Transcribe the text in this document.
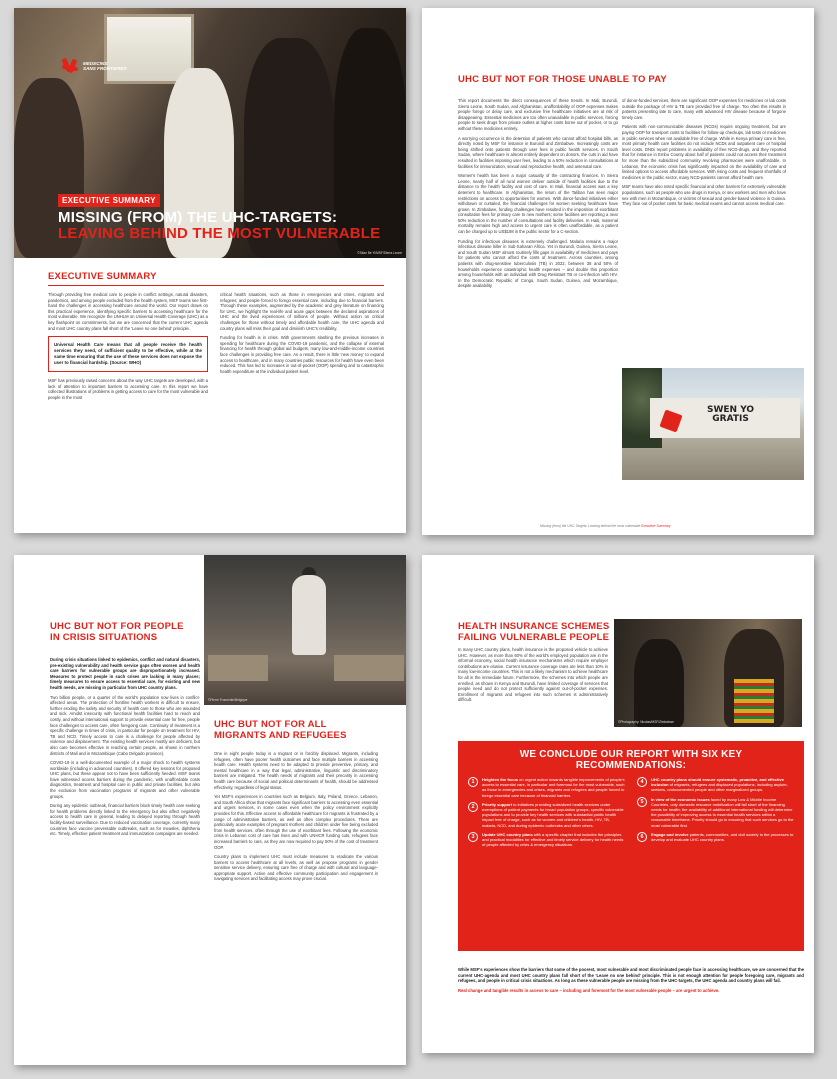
MEDECINS
SANS FRONTIERES
EXECUTIVE SUMMARY
MISSING (FROM) THE UHC-TARGETS:
LEAVING BEHIND THE MOST VULNERABLE
©Sitan Be Yi/MSF/Sierra Leone
EXECUTIVE SUMMARY

Through providing free medical care to people in conflict settings, natural disasters, pandemics, and among people excluded from the health system, MSF teams see first-hand the challenges in accessing healthcare around the world. Our report draws on this practical experience, identifying specific barriers to accessing healthcare for the most vulnerable. We recognize the UNHLM on Universal Health Coverage (UHC) as a key flashpoint on commitments, but we are concerned that the current UHC agenda and most UHC country plans fall short of the 'Leave no one behind' principle.

Universal Health Care means that all people receive the health services they need, of sufficient quality to be effective, while at the same time ensuring that the use of these services does not expose the user to financial hardship. (Source: WHO)

MSF has previously raised concerns about the way UHC targets are developed, with a lack of attention to important barriers to accessing care. In this report we have collected illustrations of problems in getting access to care for the most vulnerable and people in the most

critical health situations, such as those in emergencies and crises, migrants and refugees; and people forced to forego essential care, including due to financial barriers. Through these examples, augmented by the academic and grey literature on financing for UHC, we highlight the real-life and acute gaps between the declared aspirations of UHC and the lived experiences of millions of people. Without action on critical challenges for those without timely and affordable health care, the UHC agenda and country plans will miss their goal and diminish UHC's credibility.

Funding for health is in crisis. With governments slashing the previous increases in spending for healthcare during the COVID-19 pandemic, and the collapse of external financing for health through global aid budgets, many low-and-middle-income countries face challenges in providing free care. As a result, there is little 'new money' to expand access to healthcare, and in many countries public resources for health have even been reduced. This has led to increases in out-of-pocket (OOP) spending and to catastrophic health expenditure at the individual patient level.

UHC BUT NOT FOR THOSE UNABLE TO PAY

This report documents the direct consequences of these trends. In Mali, Burundi, Sierra Leone, South Sudan, and Afghanistan, unaffordability of OOP expenses makes people forego or delay care, and exclusive free healthcare initiatives are at risk of disappearing. Essential medicines are too often unavailable in public services, forcing people to seek drugs from private outlets at higher costs borne out of pocket, or to go without these medicines entirely.

A worrying occurrence is the detention of patients who cannot afford hospital bills, as directly noted by MSF for instance in Burundi and Zimbabwe. Increasingly costs are being shifted onto patients through user fees in public health services. In South Sudan, where healthcare is almost entirely dependent on donors, the cuts in aid have resulted in facilities imposing user fees, leading to a 50% reduction in consultations at facilities for immunization, sexual and reproductive health, and antenatal care.

Women's health has been a major casualty of the contracting finances. In Sierra Leone, nearly half of all rural women deliver outside of health facilities due to the distance to the health facility and cost of care. In Mali, financial access was a key deterrent to healthcare. In Afghanistan, the return of the Taliban has seen major restrictions on access to opportunities for women. With donor-funded initiatives either withdrawn or curtailed, the financial challenges for women seeking healthcare have grown. In Zimbabwe, funding challenges have resulted in the imposition of exorbitant consultation fees for primary care to new mothers; some facilities are reporting a near 50% reduction in the number of consultations and facility deliveries. In Haiti, maternal mortality remains high and access to urgent care is often unaffordable, as a patient can be charged up to US$198 in the public sector for a C-section.

Funding for infectious diseases is extremely challenged. Malaria remains a major infectious disease killer in Sub-Saharan Africa. Yet in Burundi, Guinea, Sierra Leone, and South Sudan MSF almost routinely fills gaps in availability of medicines and pays for patients who cannot afford the costs of treatment. Across countries, among patients with drug-sensitive tuberculosis (TB) in 2022, between 38 and 50% of households experience catastrophic health expenses – and double this proportion among households with an individual with Drug Resistant TB or co-infection with HIV. In the Democratic Republic of Congo, South Sudan, Guinea, and Mozambique, despite availability

of donor-funded services, there are significant OOP expenses for medicines or lab costs outside the package of HIV & TB care provided free of charge. Too often this results in patients presenting late to care, many with advanced HIV disease because of forgone timely care.

Patients with non-communicable diseases (NCDs) require ongoing treatment, but are paying OOP for transport costs to facilities for follow-up checkups, lab tests or medicines in public services when not available free of charge. While in Kenya primary care is free, most primary health care facilities do not include NCDs and outpatient care or hospital level costs. DNDi report problems in availability of free NCD-drugs, and they reported that for instance in Embu County about half of patients could not access their treatment for more than the subsidized community revolving pharmacies were unaffordable. In Lebanon, the economic crisis has significantly impacted on the availability of care and limited options to access affordable services. With rising costs and frequent shortfalls of medicines in the public sector, many NCD-patients cannot afford health care.

MSF teams have also noted specific financial and other barriers for extremely vulnerable populations, such as people who use drugs in Kenya, or sex workers and men who have sex with men in Mozambique, or victims of sexual and gender-based violence in Guinea. They face out of pocket costs for basic medical exams and cannot access medical care.

SWEN YO
GRATIS
Missing (from) the UHC-Targets: Leaving behind the most vulnerable Executive Summary
UHC BUT NOT FOR PEOPLE
IN CRISIS SITUATIONS
©Pierre Fromentin/Belgique

During crisis situations linked to epidemics, conflict and natural disasters, pre-existing vulnerability and health service gaps often worsen and health care barriers for vulnerable groups are disproportionately increased. Measures to protect people in such crises are lacking in many places; timely measures to ensure access to essential care, for existing and new health needs, are missing in particular from UHC country plans.

Two billion people, or a quarter of the world's population now lives in conflict-affected areas. The protection of frontline health workers is difficult to ensure, further eroding the safety and security of health care to those who are wounded and sick. Amidst insecurity with functional health facilities hard to reach and costly, and without international support to provide essential care for free, people face challenges to access care, often foregoing care. Continuity of treatment is a specific challenge in times of crisis, in particular for people on treatment for HIV, TB and NCD. Timely access to care is a challenge for people affected by violence and displacement. The existing health services mostly are deficient, but also care becomes effective in reaching certain people, as shown in northern districts of Mali and in Mozambique (Cabo Delgado province).

COVID-19 is a well-documented example of a major shock to health systems worldwide (including in advanced countries). It offered key lessons for proposed UHC plans, but these appear not to have been sufficiently heeded. MSF teams have witnessed access barriers during the pandemic, with unaffordable costs diagnostics, treatment and hospital care in public and private facilities, but also the exclusion from vaccination programs of migrants and other vulnerable groups.

During any epidemic outbreak, financial barriers block timely health care seeking for health problems directly linked to the emergency but also affect negatively access to health care in general, leading to delayed reporting through health facility-based surveillance. Due to reduced vaccination coverage, currently many countries face vaccine preventable outbreaks, such as for measles, diphtheria etc. Timely, effective patient treatment and immunization campaigns are needed.

UHC BUT NOT FOR ALL
MIGRANTS AND REFUGEES

One in eight people today is a migrant or is forcibly displaced. Migrants, including refugees, often have poorer health outcomes and face multiple barriers in accessing health care. Health systems need to be adapted to provide preventive, primary, and mental healthcare in a way that legal, administrative, linguistic and discriminatory barriers are mitigated. The health needs of migrants and their precarity in accessing health care because of social and political determinants of health, should be addressed effectively, regardless of legal status.

Yet MSF's experiences in countries such as Belgium, Italy, Poland, Greece, Lebanon, and South Africa show that migrants face significant barriers to accessing even essential and urgent services, in some cases even when the policy environment explicitly provides for this. Effective access to affordable healthcare for migrants is frustrated by a range of administrative barriers, as well as often complex procedures. There are particularly acute examples of pregnant mothers and children under five being excluded from health services, often through the use of exorbitant fees. Following the economic crisis in Lebanon cost of care has risen and with UNHCR funding cuts, refugees face increased barriers to care, as they are now required to pay 50% of the cost of treatment OOP.

Country plans to implement UHC must include measures to eradicate the various barriers to access healthcare at all levels, as well as propose programs in gender sensitive service delivery, ensuring care free of charge and with cultural and language-appropriate support. Active and effective community participation and engagement in navigating services and facilitating access may prove crucial.

HEALTH INSURANCE SCHEMES
FAILING VULNERABLE PEOPLE

In many UHC country plans, health insurance is the proposed vehicle to achieve UHC. However, as more than 60% of the world's employed population are in the informal economy, social health insurance mechanisms which require employer contributions are elusive. Current insurance coverage rates are less than 10% in many low-income countries. This is not a likely mechanism to achieve healthcare for all in the immediate future. Furthermore, the schemes into which people are enrolled, as shown in Kenya and Burundi, have limited coverage of services that people need and do not protect sufficiently against out-of-pocket expenses. Enrollment of migrants and refugees into such schemes is administratively difficult.

©Photography: Nicolas/MSF/Zimbabwe
WE CONCLUDE OUR REPORT WITH SIX KEY RECOMMENDATIONS:
1	Heighten the focus on urgent action towards tangible improvements of people's access to essential care, in particular and foremost for the most vulnerable, such as those in emergencies and crises, migrants and refugees and people forced to forego essential care because of financial barriers.
2	Priority support to initiatives providing subsidized health services under exemptions of patient payments for broad population groups, specific vulnerable populations and to provide key health services with substantial public health impact free of charge, such as for women and children's health, HIV, TB, malaria, NCD, and during epidemic outbreaks and other crises.
3	Update UHC country plans with a specific chapter that includes the principles and practical modalities for effective and timely service delivery for health needs of people affected by crisis & emergency situations.
4	UHC country plans should ensure systematic, proactive, and effective inclusion of migrants, refugees and displaced populations, including asylum-seekers, undocumented people and other marginalized groups.
5	In view of the economic issues faced by many Low & Middle Income Countries, only domestic resource mobilization will fall short of the financing needs for health; the availability of additional international funding will determine the possibility of improving access to essential health services within a reasonable timeframe. Priority should go to ensuring that such services go to the most vulnerable first.
6	Engage and involve patients, communities, and civil society in the processes to develop and evaluate UHC country plans.

While MSF's experiences show the barriers that some of the poorest, most vulnerable and most discriminated people face in accessing healthcare, we are concerned that the current UHC-agenda and most UHC country plans fall short of the 'Leave no one behind' principle. This is not enough attention for people foregoing care, migrants and refugees, and people in critical crisis situations. As long as these vulnerable people are missing from the UHC-targets, the UHC agenda and country plans will fail.

Real change and tangible results in access to care – including and foremost for the most vulnerable people – are urgent to achieve.
